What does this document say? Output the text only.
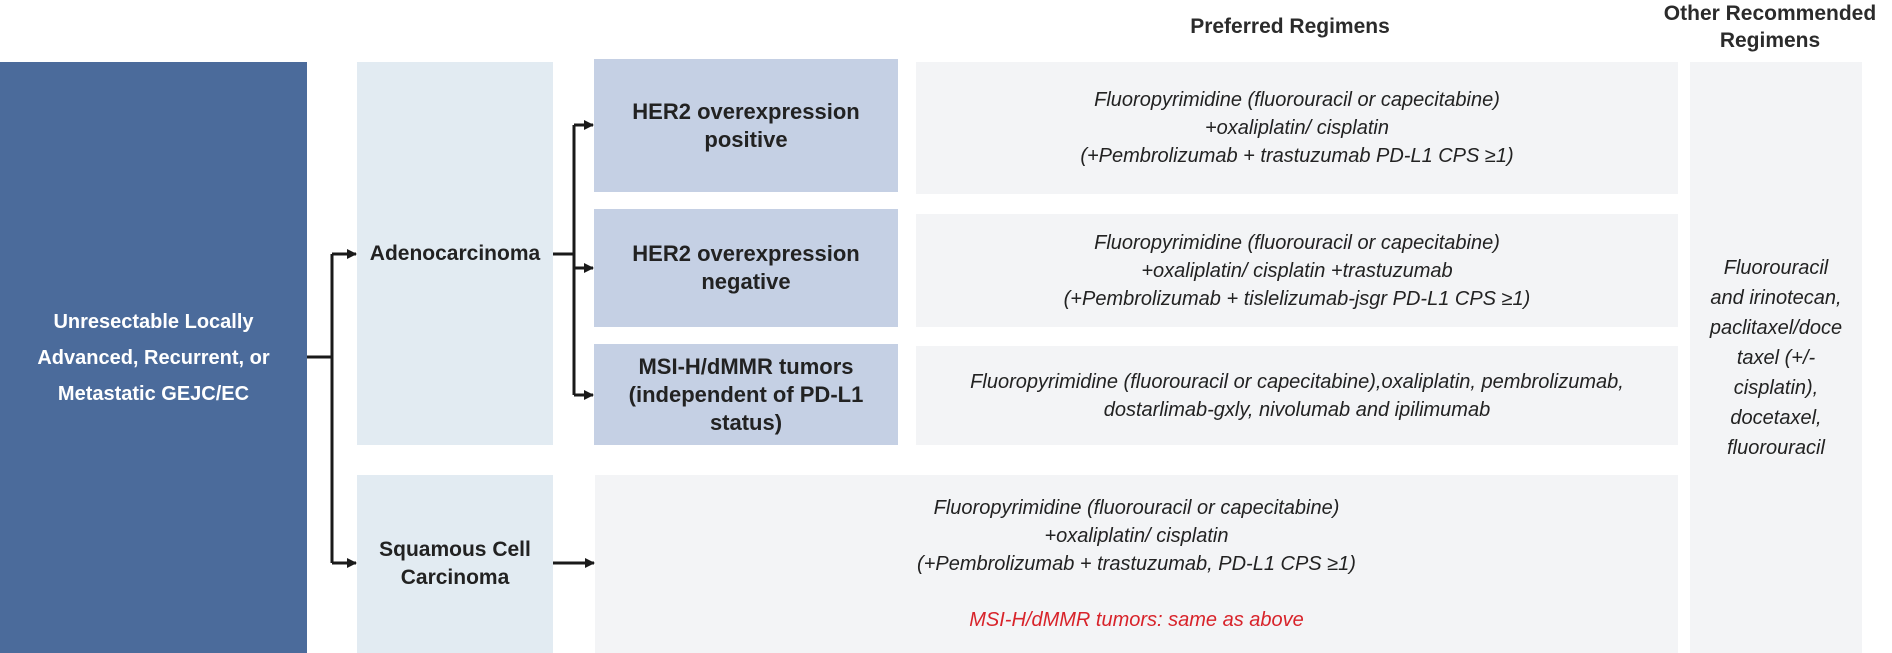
Preferred Regimens
Other Recommended
Regimens
Unresectable Locally
Advanced, Recurrent, or
Metastatic GEJC/EC
Adenocarcinoma
Squamous Cell
Carcinoma
HER2 overexpression
positive
HER2 overexpression
negative
MSI-H/dMMR tumors
(independent of PD-L1
status)
Fluoropyrimidine (fluorouracil or capecitabine)
+oxaliplatin/ cisplatin
(+Pembrolizumab + trastuzumab PD-L1 CPS ≥1)
Fluoropyrimidine (fluorouracil or capecitabine)
+oxaliplatin/ cisplatin +trastuzumab
(+Pembrolizumab + tislelizumab-jsgr PD-L1 CPS ≥1)
Fluoropyrimidine (fluorouracil or capecitabine),oxaliplatin, pembrolizumab,
dostarlimab-gxly, nivolumab and ipilimumab
Fluoropyrimidine (fluorouracil or capecitabine)
+oxaliplatin/ cisplatin
(+Pembrolizumab + trastuzumab, PD-L1 CPS ≥1)
MSI-H/dMMR tumors: same as above
Fluorouracil
and irinotecan,
paclitaxel/doce
taxel (+/-
cisplatin),
docetaxel,
fluorouracil
